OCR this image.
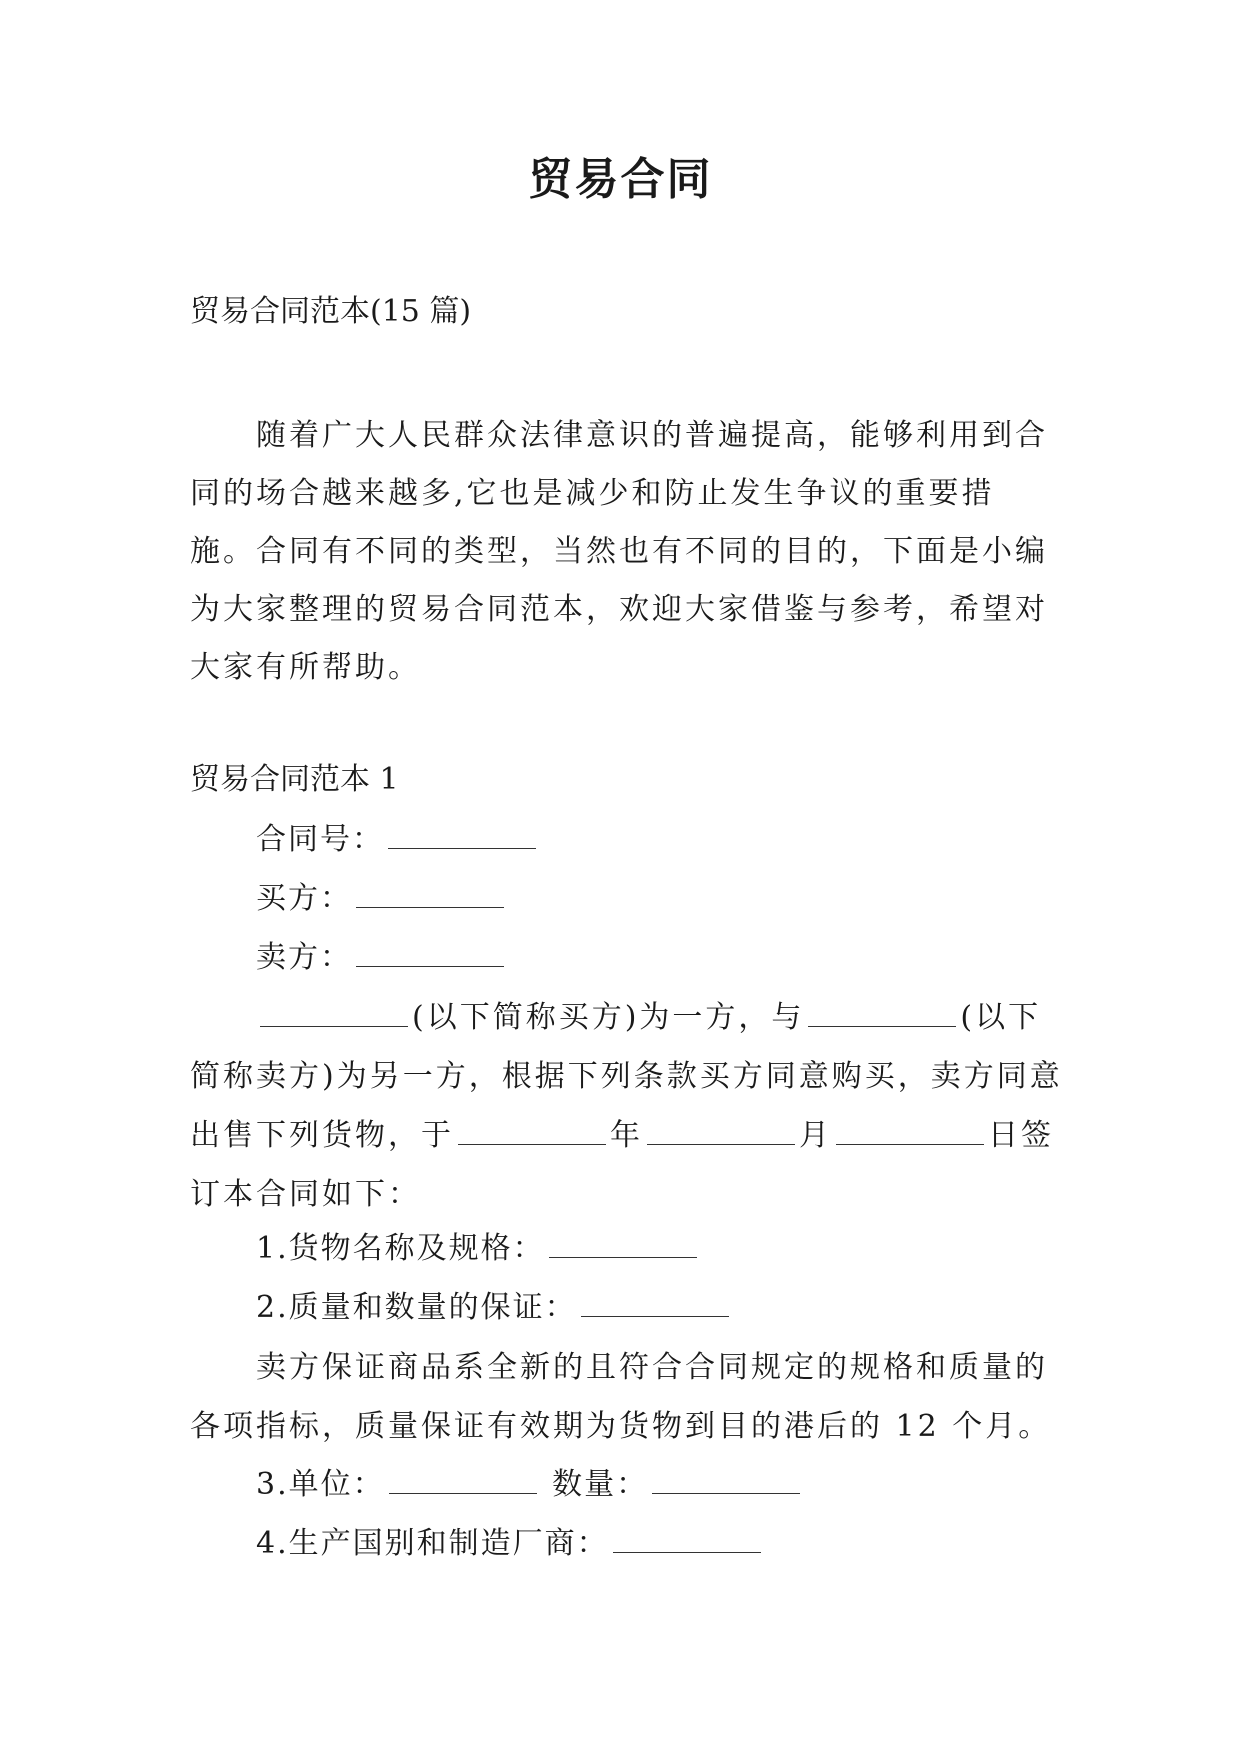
贸易合同
贸易合同范本(15 篇)

随着广大人民群众法律意识的普遍提高，能够利用到合同的场合越来越多,它也是减少和防止发生争议的重要措施。合同有不同的类型，当然也有不同的目的，下面是小编为大家整理的贸易合同范本，欢迎大家借鉴与参考，希望对大家有所帮助。

贸易合同范本 1
合同号：
买方：
卖方：

(以下简称买方)为一方，与	(以下简称卖方)为另一方，根据下列条款买方同意购买，卖方同意出售下列货物，于	年	月	日签订本合同如下：

1.货物名称及规格：
2.质量和数量的保证：

卖方保证商品系全新的且符合合同规定的规格和质量的各项指标，质量保证有效期为货物到目的港后的 12 个月。

3.单位：	数量：
4.生产国别和制造厂商：
